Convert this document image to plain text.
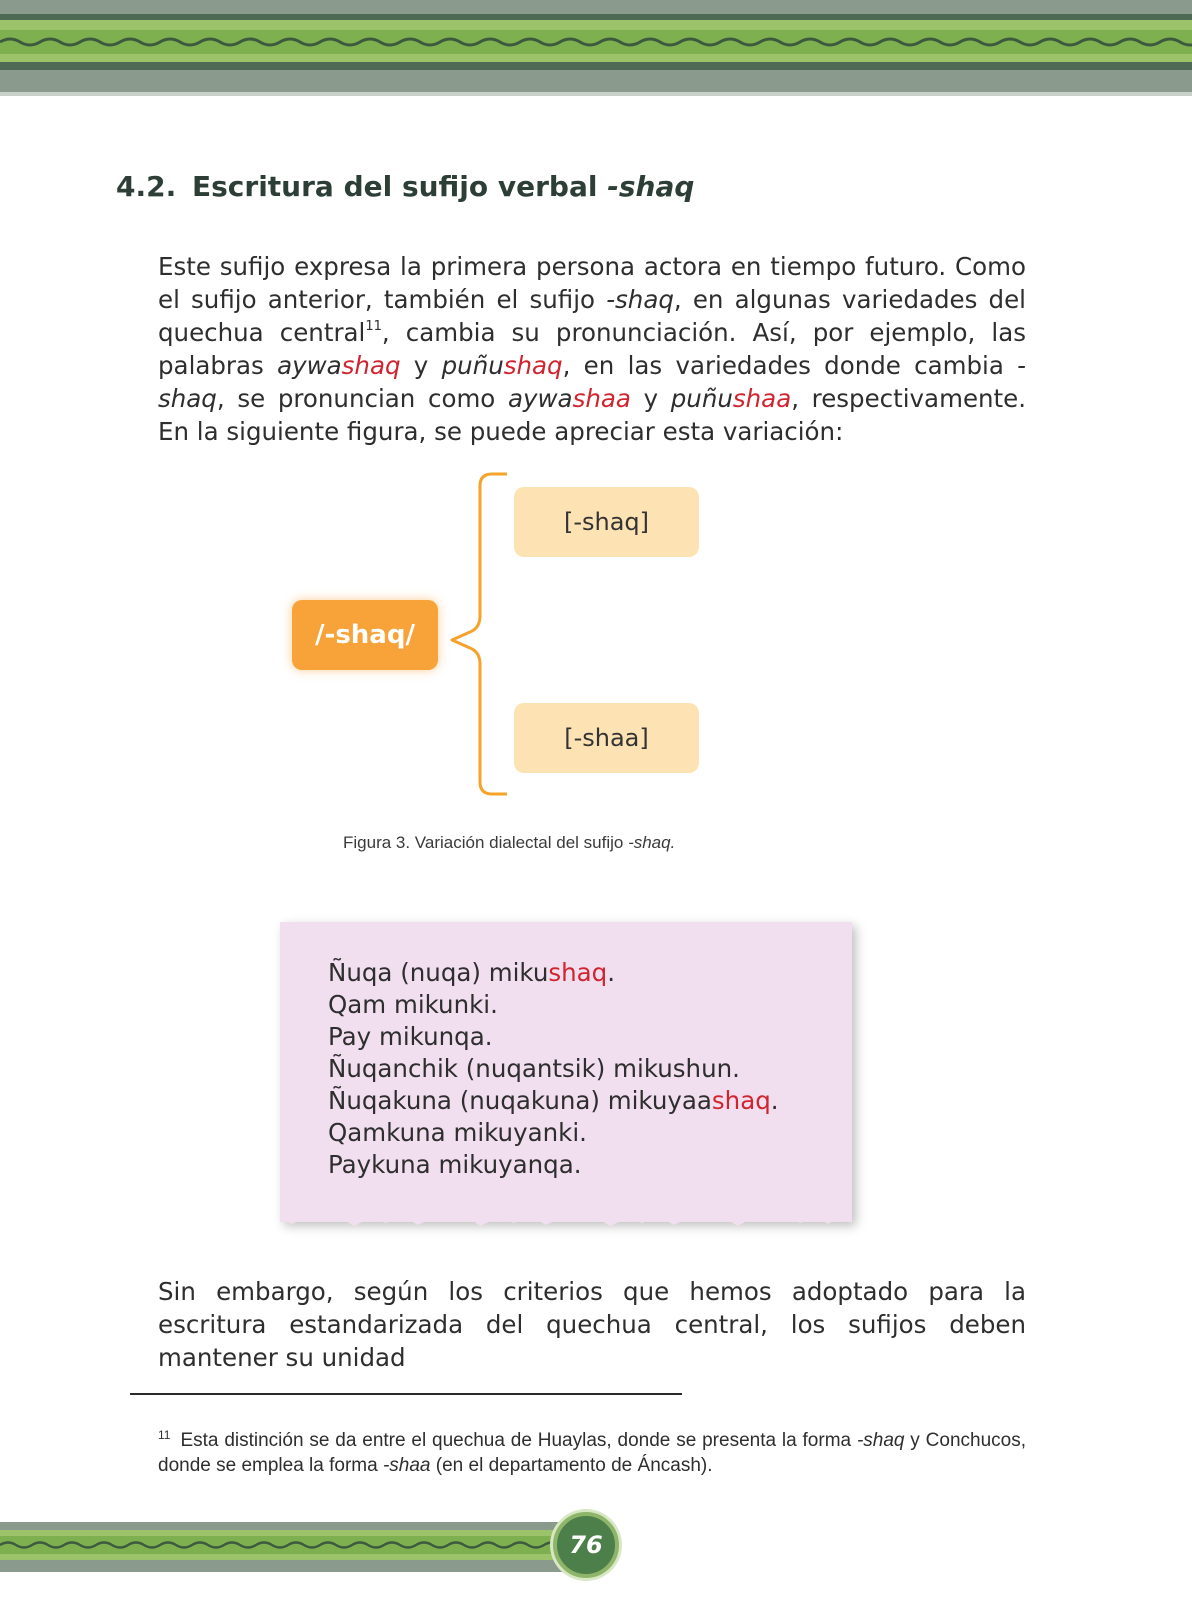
4.2. Escritura del sufijo verbal -shaq
Este sufijo expresa la primera persona actora en tiempo futuro. Como el sufijo anterior, también el sufijo -shaq, en algunas variedades del quechua central$^{11}$, cambia su pronunciación. Así, por ejemplo, las palabras aywashaq y puñushaq, en las variedades donde cambia -shaq, se pronuncian como aywashaa y puñushaa, respectivamente. En la siguiente figura, se puede apreciar esta variación:
[-shaq]
/-shaq/
[-shaa]
Figura 3. Variación dialectal del sufijo -shaq.
Ñuqa (nuqa) mikushaq.
Qam mikunki.
Pay mikunqa.
Ñuqanchik (nuqantsik) mikushun.
Ñuqakuna (nuqakuna) mikuyaashaq.
Qamkuna mikuyanki.
Paykuna mikuyanqa.
Sin embargo, según los criterios que hemos adoptado para la escritura estandarizada del quechua central, los sufijos deben mantener su unidad
$^{11}$ Esta distinción se da entre el quechua de Huaylas, donde se presenta la forma -shaq y Conchucos, donde se emplea la forma -shaa (en el departamento de Áncash).
76
